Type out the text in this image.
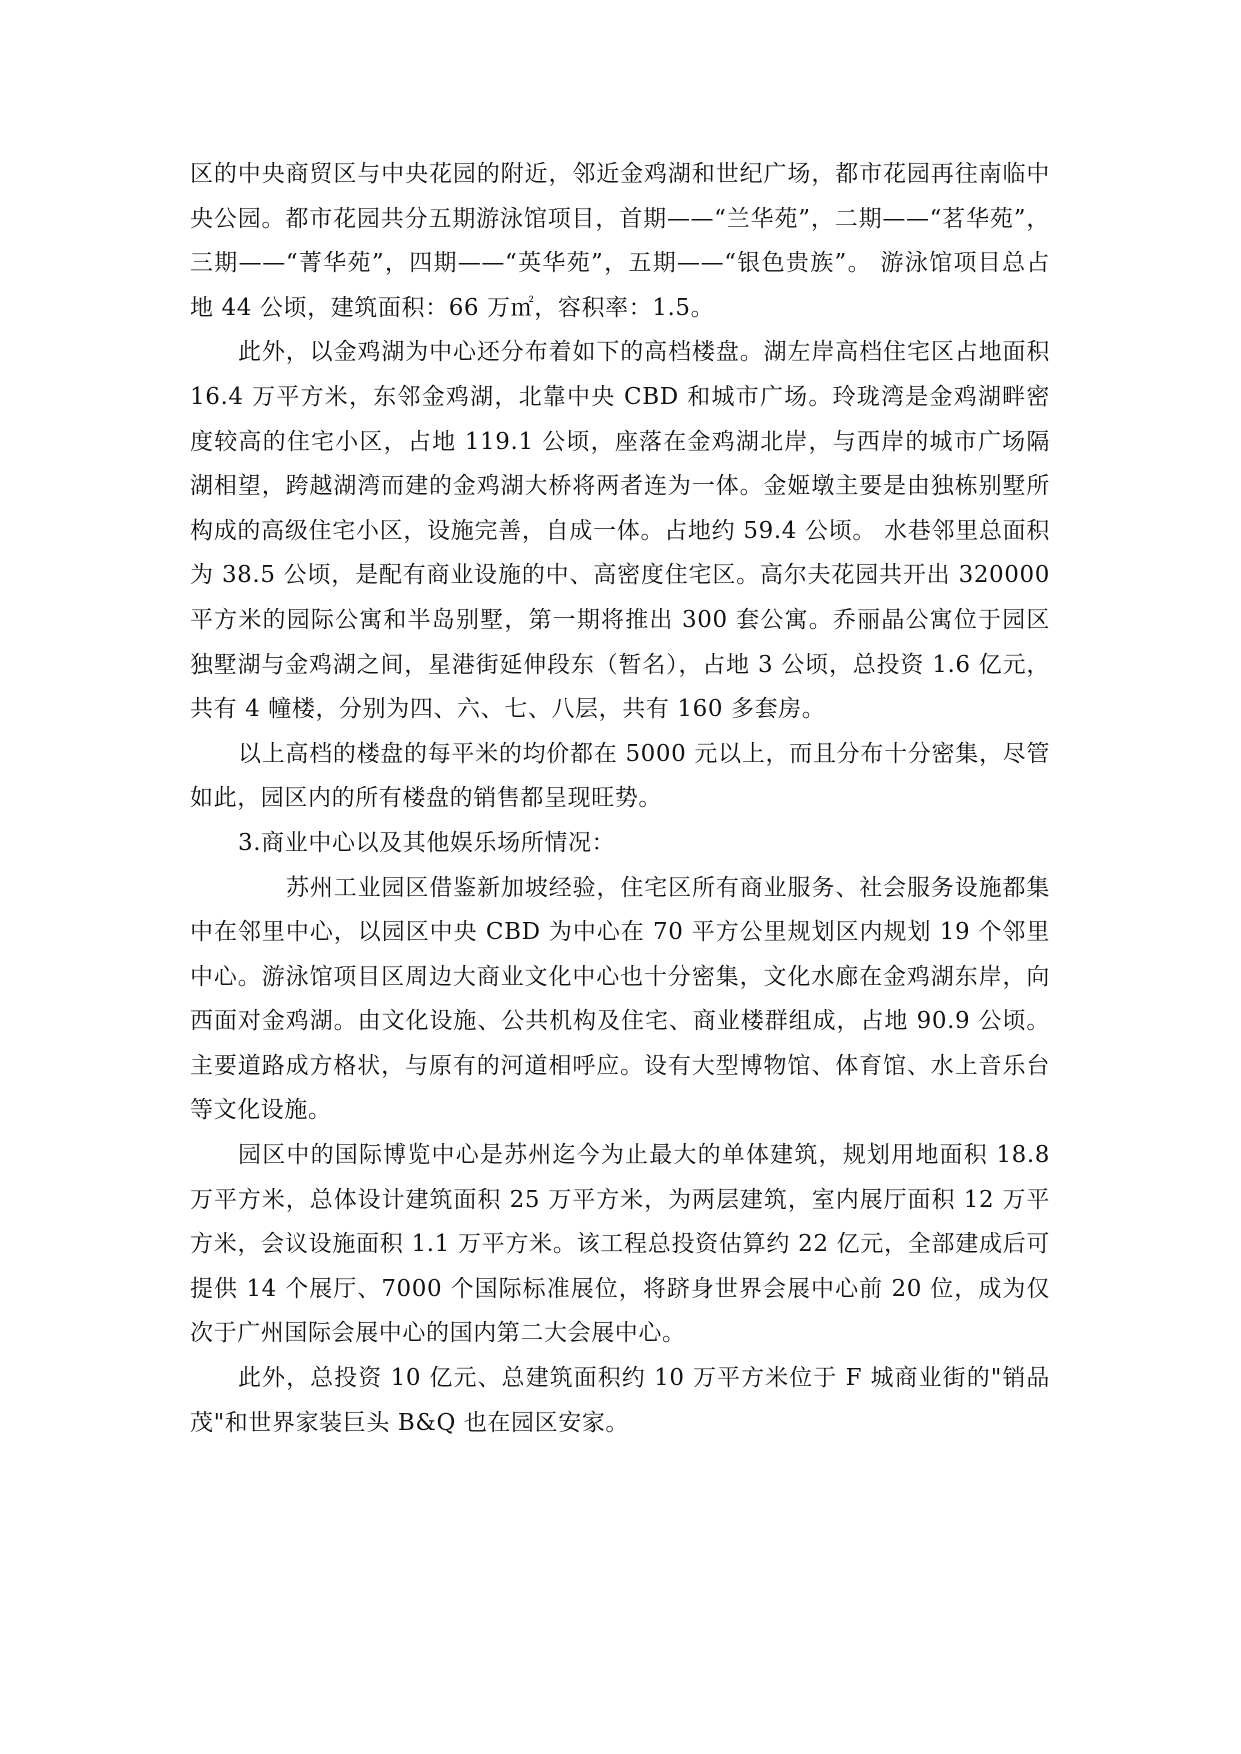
区的中央商贸区与中央花园的附近，邻近金鸡湖和世纪广场，都市花园再往南临中央公园。都市花园共分五期游泳馆项目，首期——“兰华苑”，二期——“茗华苑”，三期——“菁华苑”，四期——“英华苑”，五期——“银色贵族”。 游泳馆项目总占地 44 公顷，建筑面积：66 万㎡，容积率：1.5。

此外，以金鸡湖为中心还分布着如下的高档楼盘。湖左岸高档住宅区占地面积 16.4 万平方米，东邻金鸡湖，北靠中央 CBD 和城市广场。玲珑湾是金鸡湖畔密度较高的住宅小区，占地 119.1 公顷，座落在金鸡湖北岸，与西岸的城市广场隔湖相望，跨越湖湾而建的金鸡湖大桥将两者连为一体。金姬墩主要是由独栋别墅所构成的高级住宅小区，设施完善，自成一体。占地约 59.4 公顷。 水巷邻里总面积为 38.5 公顷，是配有商业设施的中、高密度住宅区。高尔夫花园共开出 320000 平方米的园际公寓和半岛别墅，第一期将推出 300 套公寓。乔丽晶公寓位于园区独墅湖与金鸡湖之间，星港街延伸段东（暂名），占地 3 公顷，总投资 1.6 亿元，共有 4 幢楼，分别为四、六、七、八层，共有 160 多套房。

以上高档的楼盘的每平米的均价都在 5000 元以上，而且分布十分密集，尽管如此，园区内的所有楼盘的销售都呈现旺势。

3.商业中心以及其他娱乐场所情况：

苏州工业园区借鉴新加坡经验，住宅区所有商业服务、社会服务设施都集中在邻里中心，以园区中央 CBD 为中心在 70 平方公里规划区内规划 19 个邻里中心。游泳馆项目区周边大商业文化中心也十分密集，文化水廊在金鸡湖东岸，向西面对金鸡湖。由文化设施、公共机构及住宅、商业楼群组成，占地 90.9 公顷。主要道路成方格状，与原有的河道相呼应。设有大型博物馆、体育馆、水上音乐台等文化设施。

园区中的国际博览中心是苏州迄今为止最大的单体建筑，规划用地面积 18.8 万平方米，总体设计建筑面积 25 万平方米，为两层建筑，室内展厅面积 12 万平方米，会议设施面积 1.1 万平方米。该工程总投资估算约 22 亿元，全部建成后可提供 14 个展厅、7000 个国际标准展位，将跻身世界会展中心前 20 位，成为仅次于广州国际会展中心的国内第二大会展中心。

此外，总投资 10 亿元、总建筑面积约 10 万平方米位于 F 城商业街的"销品茂"和世界家装巨头 B&Q 也在园区安家。
